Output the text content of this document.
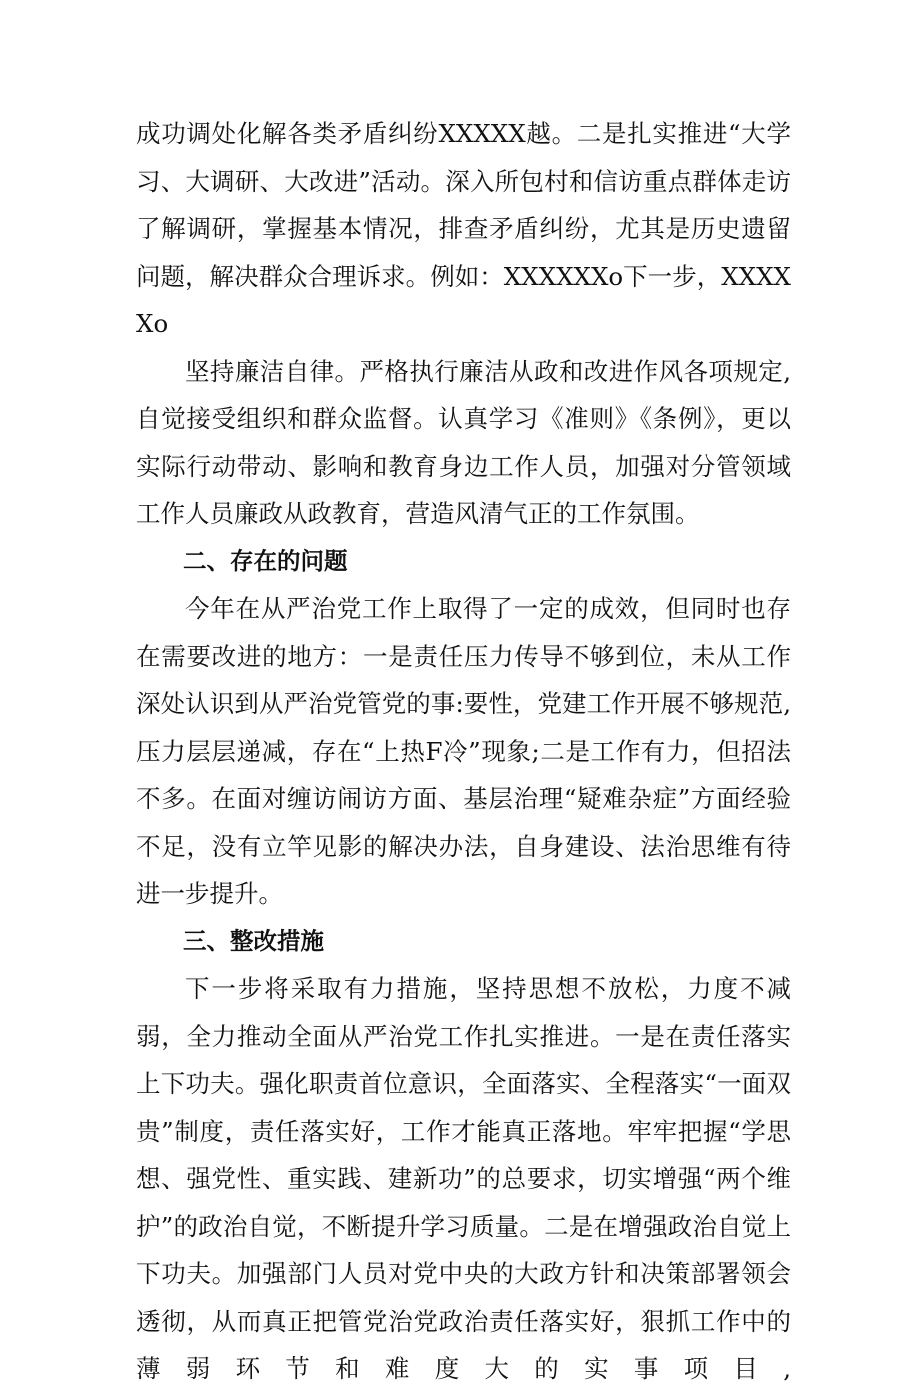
成功调处化解各类矛盾纠纷XXXXX越。二是扎实推进“大学习、大调研、大改进”活动。深入所包村和信访重点群体走访了解调研，掌握基本情况，排查矛盾纠纷，尤其是历史遗留问题，解决群众合理诉求。例如：XXXXXXo下一步，XXXXXo

坚持廉洁自律。严格执行廉洁从政和改进作风各项规定,自觉接受组织和群众监督。认真学习《准则》《条例》，更以实际行动带动、影响和教育身边工作人员，加强对分管领域工作人员廉政从政教育，营造风清气正的工作氛围。

二、存在的问题

今年在从严治党工作上取得了一定的成效，但同时也存在需要改进的地方：一是责任压力传导不够到位，未从工作深处认识到从严治党管党的事:要性，党建工作开展不够规范,压力层层递减，存在“上热F冷”现象;二是工作有力，但招法不多。在面对缠访闹访方面、基层治理“疑难杂症”方面经验不足，没有立竿见影的解决办法，自身建设、法治思维有待进一步提升。

三、整改措施

下一步将采取有力措施，坚持思想不放松，力度不减弱，全力推动全面从严治党工作扎实推进。一是在责任落实上下功夫。强化职责首位意识，全面落实、全程落实“一面双贵”制度，责任落实好，工作才能真正落地。牢牢把握“学思想、强党性、重实践、建新功”的总要求，切实增强“两个维护”的政治自觉，不断提升学习质量。二是在增强政治自觉上下功夫。加强部门人员对党中央的大政方针和决策部署领会透彻，从而真正把管党治党政治责任落实好，狠抓工作中的薄弱环节和难度大的实事项目,
